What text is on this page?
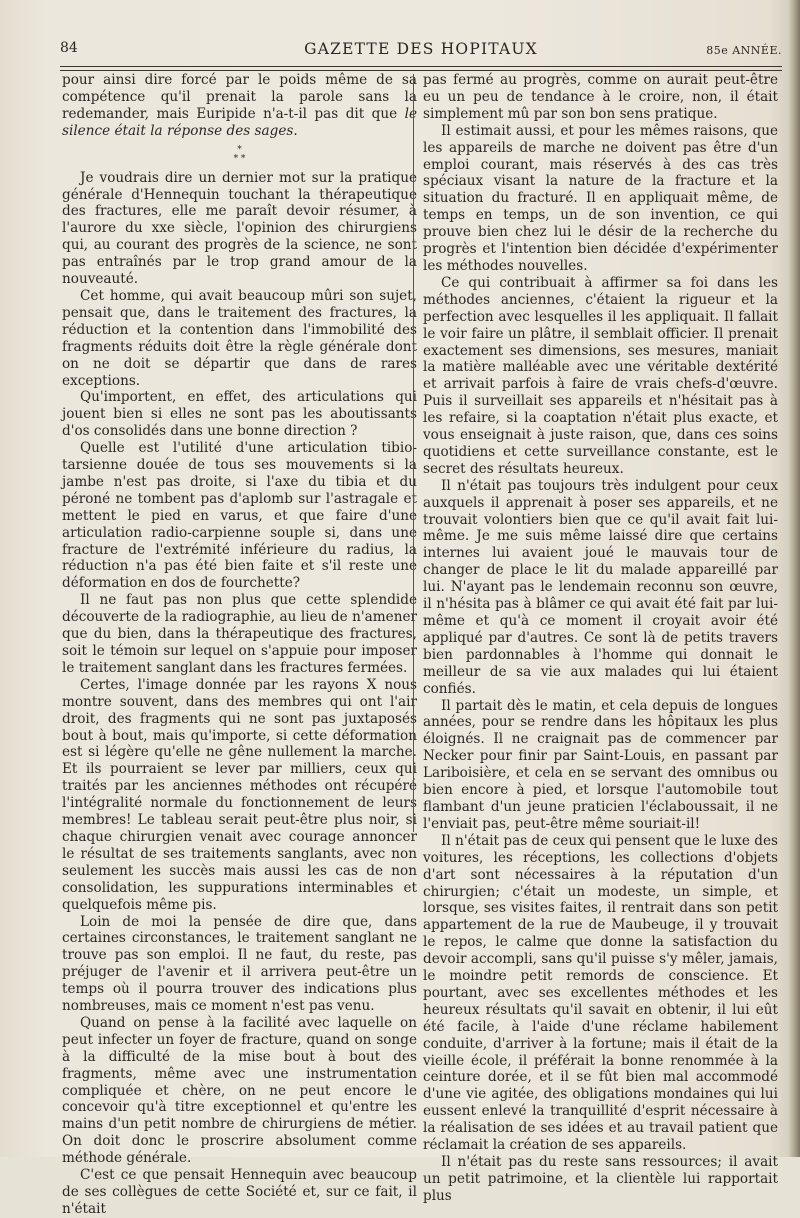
84	GAZETTE DES HOPITAUX	85e ANNÉE.

pour ainsi dire forcé par le poids même de sa compétence qu'il prenait la parole sans la redemander, mais Euripide n'a-t-il pas dit que le silence était la réponse des sages.

*
* *

Je voudrais dire un dernier mot sur la pratique générale d'Hennequin touchant la thérapeutique des fractures, elle me paraît devoir résumer, à l'aurore du xxe siècle, l'opinion des chirurgiens qui, au courant des progrès de la science, ne sont pas entraînés par le trop grand amour de la nouveauté.

Cet homme, qui avait beaucoup mûri son sujet, pensait que, dans le traitement des fractures, la réduction et la contention dans l'immobilité des fragments réduits doit être la règle générale dont on ne doit se départir que dans de rares exceptions.

Qu'importent, en effet, des articulations qui jouent bien si elles ne sont pas les aboutissants d'os consolidés dans une bonne direction ?

Quelle est l'utilité d'une articulation tibio-tarsienne douée de tous ses mouvements si la jambe n'est pas droite, si l'axe du tibia et du péroné ne tombent pas d'aplomb sur l'astragale et mettent le pied en varus, et que faire d'une articulation radio-carpienne souple si, dans une fracture de l'extrémité inférieure du radius, la réduction n'a pas été bien faite et s'il reste une déformation en dos de fourchette?

Il ne faut pas non plus que cette splendide découverte de la radiographie, au lieu de n'amener que du bien, dans la thérapeutique des fractures, soit le témoin sur lequel on s'appuie pour imposer le traitement sanglant dans les fractures fermées.

Certes, l'image donnée par les rayons X nous montre souvent, dans des membres qui ont l'air droit, des fragments qui ne sont pas juxtaposés bout à bout, mais qu'importe, si cette déformation est si légère qu'elle ne gêne nullement la marche. Et ils pourraient se lever par milliers, ceux qui traités par les anciennes méthodes ont récupéré l'intégralité normale du fonctionnement de leurs membres! Le tableau serait peut-être plus noir, si chaque chirurgien venait avec courage annoncer le résultat de ses traitements sanglants, avec non seulement les succès mais aussi les cas de non consolidation, les suppurations interminables et quelquefois même pis.

Loin de moi la pensée de dire que, dans certaines circonstances, le traitement sanglant ne trouve pas son emploi. Il ne faut, du reste, pas préjuger de l'avenir et il arrivera peut-être un temps où il pourra trouver des indications plus nombreuses, mais ce moment n'est pas venu.

Quand on pense à la facilité avec laquelle on peut infecter un foyer de fracture, quand on songe à la difficulté de la mise bout à bout des fragments, même avec une instrumentation compliquée et chère, on ne peut encore le concevoir qu'à titre exceptionnel et qu'entre les mains d'un petit nombre de chirurgiens de métier. On doit donc le proscrire absolument comme méthode générale.

C'est ce que pensait Hennequin avec beaucoup de ses collègues de cette Société et, sur ce fait, il n'était

pas fermé au progrès, comme on aurait peut-être eu un peu de tendance à le croire, non, il était simplement mû par son bon sens pratique.

Il estimait aussi, et pour les mêmes raisons, que les appareils de marche ne doivent pas être d'un emploi courant, mais réservés à des cas très spéciaux visant la nature de la fracture et la situation du fracturé. Il en appliquait même, de temps en temps, un de son invention, ce qui prouve bien chez lui le désir de la recherche du progrès et l'intention bien décidée d'expérimenter les méthodes nouvelles.

Ce qui contribuait à affirmer sa foi dans les méthodes anciennes, c'étaient la rigueur et la perfection avec lesquelles il les appliquait. Il fallait le voir faire un plâtre, il semblait officier. Il prenait exactement ses dimensions, ses mesures, maniait la matière malléable avec une véritable dextérité et arrivait parfois à faire de vrais chefs-d'œuvre. Puis il surveillait ses appareils et n'hésitait pas à les refaire, si la coaptation n'était plus exacte, et vous enseignait à juste raison, que, dans ces soins quotidiens et cette surveillance constante, est le secret des résultats heureux.

Il n'était pas toujours très indulgent pour ceux auxquels il apprenait à poser ses appareils, et ne trouvait volontiers bien que ce qu'il avait fait lui-même. Je me suis même laissé dire que certains internes lui avaient joué le mauvais tour de changer de place le lit du malade appareillé par lui. N'ayant pas le lendemain reconnu son œuvre, il n'hésita pas à blâmer ce qui avait été fait par lui-même et qu'à ce moment il croyait avoir été appliqué par d'autres. Ce sont là de petits travers bien pardonnables à l'homme qui donnait le meilleur de sa vie aux malades qui lui étaient confiés.

Il partait dès le matin, et cela depuis de longues années, pour se rendre dans les hôpitaux les plus éloignés. Il ne craignait pas de commencer par Necker pour finir par Saint-Louis, en passant par Lariboisière, et cela en se servant des omnibus ou bien encore à pied, et lorsque l'automobile tout flambant d'un jeune praticien l'éclaboussait, il ne l'enviait pas, peut-être même souriait-il!

Il n'était pas de ceux qui pensent que le luxe des voitures, les réceptions, les collections d'objets d'art sont nécessaires à la réputation d'un chirurgien; c'était un modeste, un simple, et lorsque, ses visites faites, il rentrait dans son petit appartement de la rue de Maubeuge, il y trouvait le repos, le calme que donne la satisfaction du devoir accompli, sans qu'il puisse s'y mêler, jamais, le moindre petit remords de conscience. Et pourtant, avec ses excellentes méthodes et les heureux résultats qu'il savait en obtenir, il lui eût été facile, à l'aide d'une réclame habilement conduite, d'arriver à la fortune; mais il était de la vieille école, il préférait la bonne renommée à la ceinture dorée, et il se fût bien mal accommodé d'une vie agitée, des obligations mondaines qui lui eussent enlevé la tranquillité d'esprit nécessaire à la réalisation de ses idées et au travail patient que réclamait la création de ses appareils.

Il n'était pas du reste sans ressources; il avait un petit patrimoine, et la clientèle lui rapportait plus
